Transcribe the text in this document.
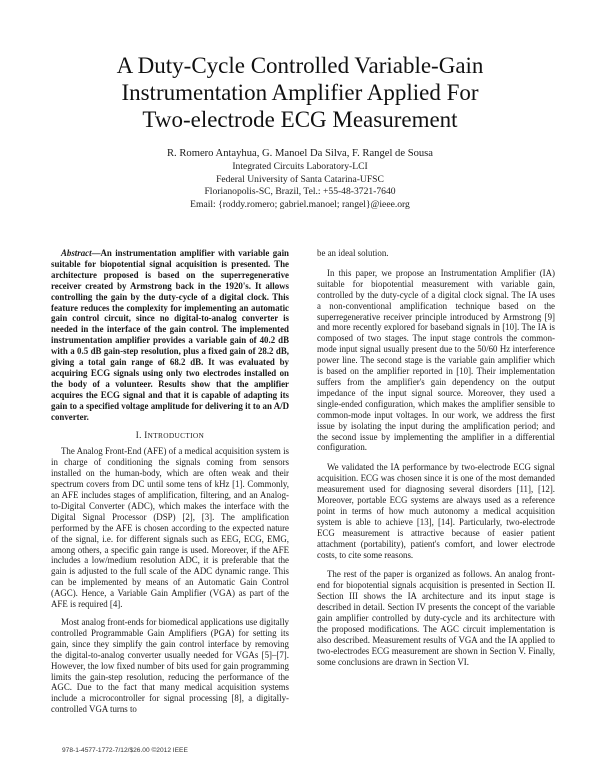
A Duty-Cycle Controlled Variable-Gain
Instrumentation Amplifier Applied For
Two-electrode ECG Measurement
R. Romero Antayhua, G. Manoel Da Silva, F. Rangel de Sousa
Integrated Circuits Laboratory-LCI
Federal University of Santa Catarina-UFSC
Florianopolis-SC, Brazil, Tel.: +55-48-3721-7640
Email: {roddy.romero; gabriel.manoel; rangel}@ieee.org

Abstract—An instrumentation amplifier with variable gain suitable for biopotential signal acquisition is presented. The architecture proposed is based on the superregenerative receiver created by Armstrong back in the 1920's. It allows controlling the gain by the duty-cycle of a digital clock. This feature reduces the complexity for implementing an automatic gain control circuit, since no digital-to-analog converter is needed in the interface of the gain control. The implemented instrumentation amplifier provides a variable gain of 40.2 dB with a 0.5 dB gain-step resolution, plus a fixed gain of 28.2 dB, giving a total gain range of 68.2 dB. It was evaluated by acquiring ECG signals using only two electrodes installed on the body of a volunteer. Results show that the amplifier acquires the ECG signal and that it is capable of adapting its gain to a specified voltage amplitude for delivering it to an A/D converter.

I. INTRODUCTION

The Analog Front-End (AFE) of a medical acquisition system is in charge of conditioning the signals coming from sensors installed on the human-body, which are often weak and their spectrum covers from DC until some tens of kHz [1]. Commonly, an AFE includes stages of amplification, filtering, and an Analog-to-Digital Converter (ADC), which makes the interface with the Digital Signal Processor (DSP) [2], [3]. The amplification performed by the AFE is chosen according to the expected nature of the signal, i.e. for different signals such as EEG, ECG, EMG, among others, a specific gain range is used. Moreover, if the AFE includes a low/medium resolution ADC, it is preferable that the gain is adjusted to the full scale of the ADC dynamic range. This can be implemented by means of an Automatic Gain Control (AGC). Hence, a Variable Gain Amplifier (VGA) as part of the AFE is required [4].

Most analog front-ends for biomedical applications use digitally controlled Programmable Gain Amplifiers (PGA) for setting its gain, since they simplify the gain control interface by removing the digital-to-analog converter usually needed for VGAs [5]–[7]. However, the low fixed number of bits used for gain programming limits the gain-step resolution, reducing the performance of the AGC. Due to the fact that many medical acquisition systems include a microcontroller for signal processing [8], a digitally-controlled VGA turns to

be an ideal solution.

In this paper, we propose an Instrumentation Amplifier (IA) suitable for biopotential measurement with variable gain, controlled by the duty-cycle of a digital clock signal. The IA uses a non-conventional amplification technique based on the superregenerative receiver principle introduced by Armstrong [9] and more recently explored for baseband signals in [10]. The IA is composed of two stages. The input stage controls the common-mode input signal usually present due to the 50/60 Hz interference power line. The second stage is the variable gain amplifier which is based on the amplifier reported in [10]. Their implementation suffers from the amplifier's gain dependency on the output impedance of the input signal source. Moreover, they used a single-ended configuration, which makes the amplifier sensible to common-mode input voltages. In our work, we address the first issue by isolating the input during the amplification period; and the second issue by implementing the amplifier in a differential configuration.

We validated the IA performance by two-electrode ECG signal acquisition. ECG was chosen since it is one of the most demanded measurement used for diagnosing several disorders [11], [12]. Moreover, portable ECG systems are always used as a reference point in terms of how much autonomy a medical acquisition system is able to achieve [13], [14]. Particularly, two-electrode ECG measurement is attractive because of easier patient attachment (portability), patient's comfort, and lower electrode costs, to cite some reasons.

The rest of the paper is organized as follows. An analog front-end for biopotential signals acquisition is presented in Section II. Section III shows the IA architecture and its input stage is described in detail. Section IV presents the concept of the variable gain amplifier controlled by duty-cycle and its architecture with the proposed modifications. The AGC circuit implementation is also described. Measurement results of VGA and the IA applied to two-electrodes ECG measurement are shown in Section V. Finally, some conclusions are drawn in Section VI.

978-1-4577-1772-7/12/$26.00 ©2012 IEEE
